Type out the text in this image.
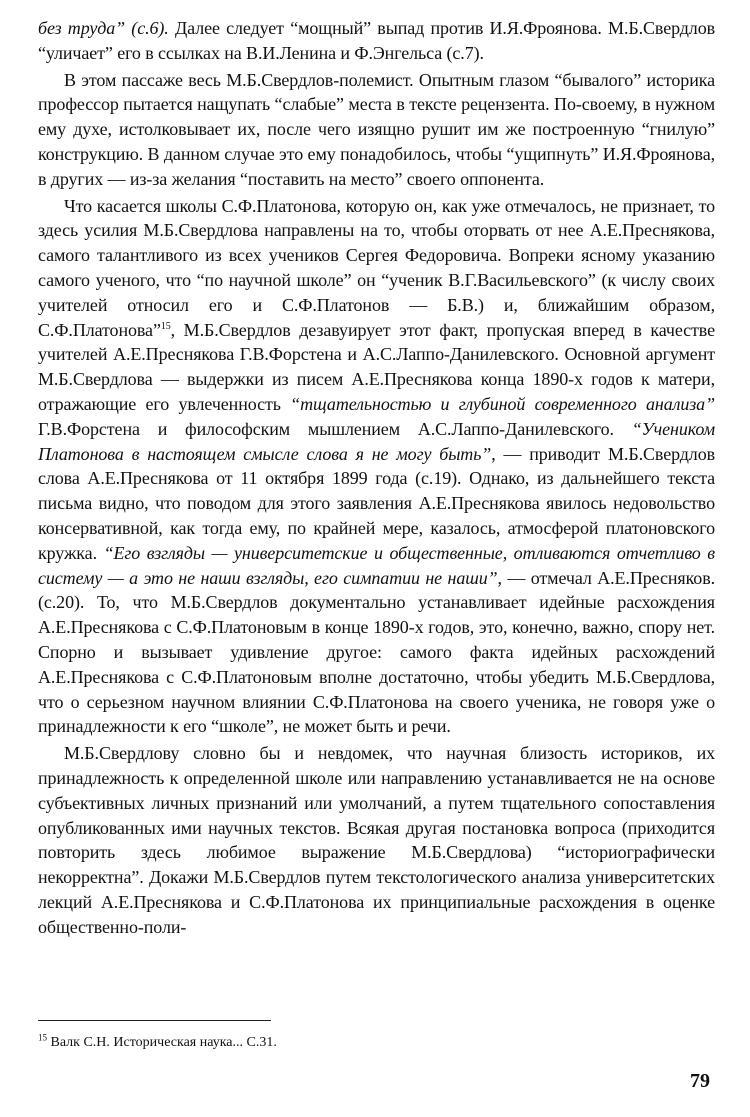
без труда” (с.6). Далее следует “мощный” выпад против И.Я.Фроянова. М.Б.Свердлов “уличает” его в ссылках на В.И.Ленина и Ф.Энгельса (с.7).

В этом пассаже весь М.Б.Свердлов-полемист. Опытным глазом “бывалого” историка профессор пытается нащупать “слабые” места в тексте рецензента. По-своему, в нужном ему духе, истолковывает их, после чего изящно рушит им же построенную “гнилую” конструкцию. В данном случае это ему понадобилось, чтобы “ущипнуть” И.Я.Фроянова, в других — из-за желания “поставить на место” своего оппонента.

Что касается школы С.Ф.Платонова, которую он, как уже отмечалось, не признает, то здесь усилия М.Б.Свердлова направлены на то, чтобы оторвать от нее А.Е.Преснякова, самого талантливого из всех учеников Сергея Федоровича. Вопреки ясному указанию самого ученого, что “по научной школе” он “ученик В.Г.Васильевского” (к числу своих учителей относил его и С.Ф.Платонов — Б.В.) и, ближайшим образом, С.Ф.Платонова”$^{15}$, М.Б.Свердлов дезавуирует этот факт, пропуская вперед в качестве учителей А.Е.Преснякова Г.В.Форстена и А.С.Лаппо-Данилевского. Основной аргумент М.Б.Свердлова — выдержки из писем А.Е.Преснякова конца 1890-х годов к матери, отражающие его увлеченность “тщательностью и глубиной современного анализа” Г.В.Форстена и философским мышлением А.С.Лаппо-Данилевского. “Учеником Платонова в настоящем смысле слова я не могу быть”, — приводит М.Б.Свердлов слова А.Е.Преснякова от 11 октября 1899 года (с.19). Однако, из дальнейшего текста письма видно, что поводом для этого заявления А.Е.Преснякова явилось недовольство консервативной, как тогда ему, по крайней мере, казалось, атмосферой платоновского кружка. “Его взгляды — университетские и общественные, отливаются отчетливо в систему — а это не наши взгляды, его симпатии не наши”, — отмечал А.Е.Пресняков. (с.20). То, что М.Б.Свердлов документально устанавливает идейные расхождения А.Е.Преснякова с С.Ф.Платоновым в конце 1890-х годов, это, конечно, важно, спору нет. Спорно и вызывает удивление другое: самого факта идейных расхождений А.Е.Преснякова с С.Ф.Платоновым вполне достаточно, чтобы убедить М.Б.Свердлова, что о серьезном научном влиянии С.Ф.Платонова на своего ученика, не говоря уже о принадлежности к его “школе”, не может быть и речи.

М.Б.Свердлову словно бы и невдомек, что научная близость историков, их принадлежность к определенной школе или направлению устанавливается не на основе субъективных личных признаний или умолчаний, а путем тщательного сопоставления опубликованных ими научных текстов. Всякая другая постановка вопроса (приходится повторить здесь любимое выражение М.Б.Свердлова) “историографически некорректна”. Докажи М.Б.Свердлов путем текстологического анализа университетских лекций А.Е.Преснякова и С.Ф.Платонова их принципиальные расхождения в оценке общественно-поли-

$^{15}$ Валк С.Н. Историческая наука... С.31.

79
